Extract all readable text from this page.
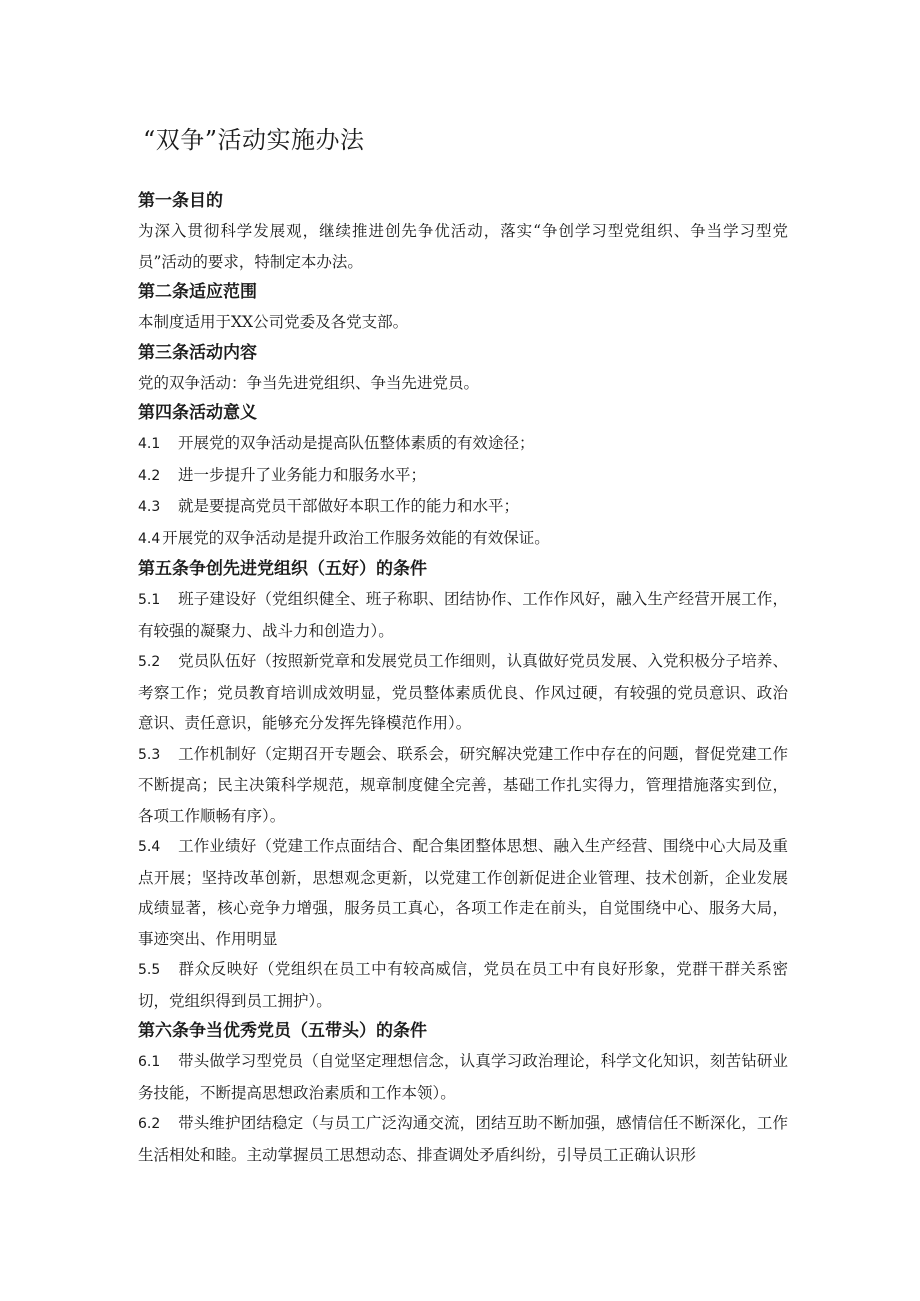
“双争”活动实施办法

第一条目的

为深入贯彻科学发展观，继续推进创先争优活动，落实“争创学习型党组织、争当学习型党员”活动的要求，特制定本办法。

第二条适应范围

本制度适用于XX公司党委及各党支部。

第三条活动内容

党的双争活动：争当先进党组织、争当先进党员。

第四条活动意义

4.1 开展党的双争活动是提高队伍整体素质的有效途径；

4.2 进一步提升了业务能力和服务水平；

4.3 就是要提高党员干部做好本职工作的能力和水平；

4.4 开展党的双争活动是提升政治工作服务效能的有效保证。

第五条争创先进党组织（五好）的条件

5.1 班子建设好（党组织健全、班子称职、团结协作、工作作风好，融入生产经营开展工作，有较强的凝聚力、战斗力和创造力）。

5.2 党员队伍好（按照新党章和发展党员工作细则，认真做好党员发展、入党积极分子培养、考察工作；党员教育培训成效明显，党员整体素质优良、作风过硬，有较强的党员意识、政治意识、责任意识，能够充分发挥先锋模范作用）。

5.3 工作机制好（定期召开专题会、联系会，研究解决党建工作中存在的问题，督促党建工作不断提高；民主决策科学规范，规章制度健全完善，基础工作扎实得力，管理措施落实到位，各项工作顺畅有序）。

5.4 工作业绩好（党建工作点面结合、配合集团整体思想、融入生产经营、围绕中心大局及重点开展；坚持改革创新，思想观念更新，以党建工作创新促进企业管理、技术创新，企业发展成绩显著，核心竞争力增强，服务员工真心，各项工作走在前头，自觉围绕中心、服务大局，事迹突出、作用明显

5.5 群众反映好（党组织在员工中有较高威信，党员在员工中有良好形象，党群干群关系密切，党组织得到员工拥护）。

第六条争当优秀党员（五带头）的条件

6.1 带头做学习型党员（自觉坚定理想信念，认真学习政治理论，科学文化知识，刻苦钻研业务技能，不断提高思想政治素质和工作本领）。

6.2 带头维护团结稳定（与员工广泛沟通交流，团结互助不断加强，感情信任不断深化，工作生活相处和睦。主动掌握员工思想动态、排查调处矛盾纠纷，引导员工正确认识形
